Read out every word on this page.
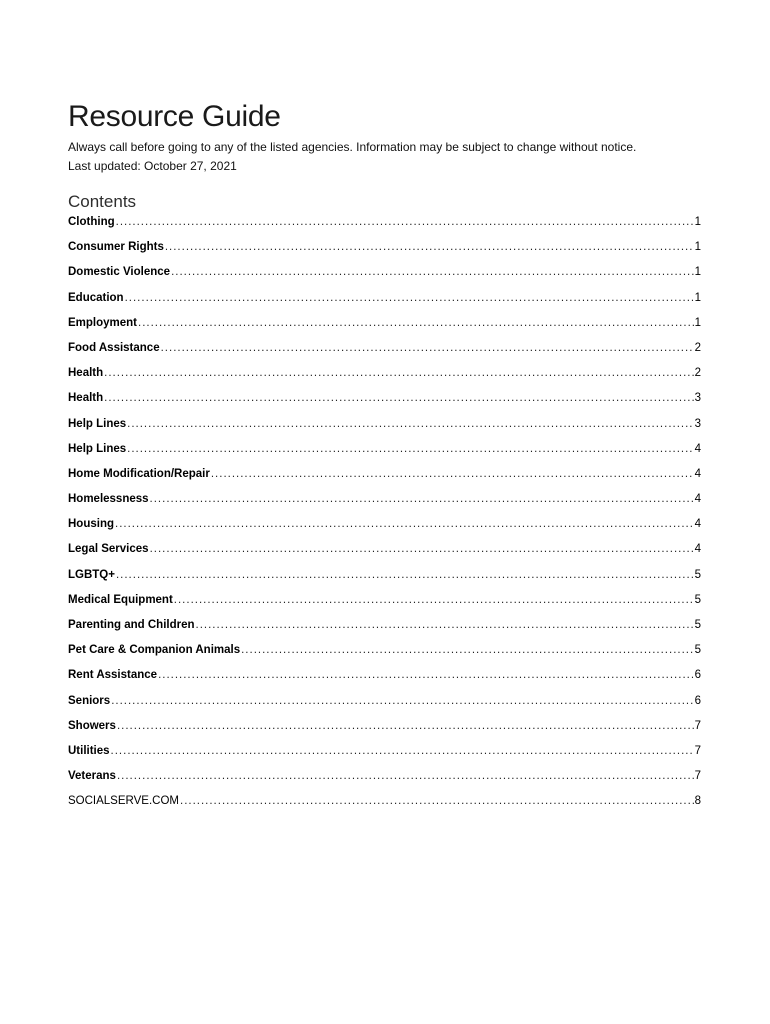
Resource Guide

Always call before going to any of the listed agencies. Information may be subject to change without notice.

Last updated: October 27, 2021

Contents
Clothing .....	1
Consumer Rights .....	1
Domestic Violence .....	1
Education .....	1
Employment .....	1
Food Assistance .....	2
Health .....	2
Health .....	3
Help Lines .....	3
Help Lines .....	4
Home Modification/Repair .....	4
Homelessness .....	4
Housing .....	4
Legal Services .....	4
LGBTQ+ .....	5
Medical Equipment .....	5
Parenting and Children .....	5
Pet Care & Companion Animals .....	5
Rent Assistance .....	6
Seniors .....	6
Showers .....	7
Utilities .....	7
Veterans .....	7
SOCIALSERVE.COM .....	8
